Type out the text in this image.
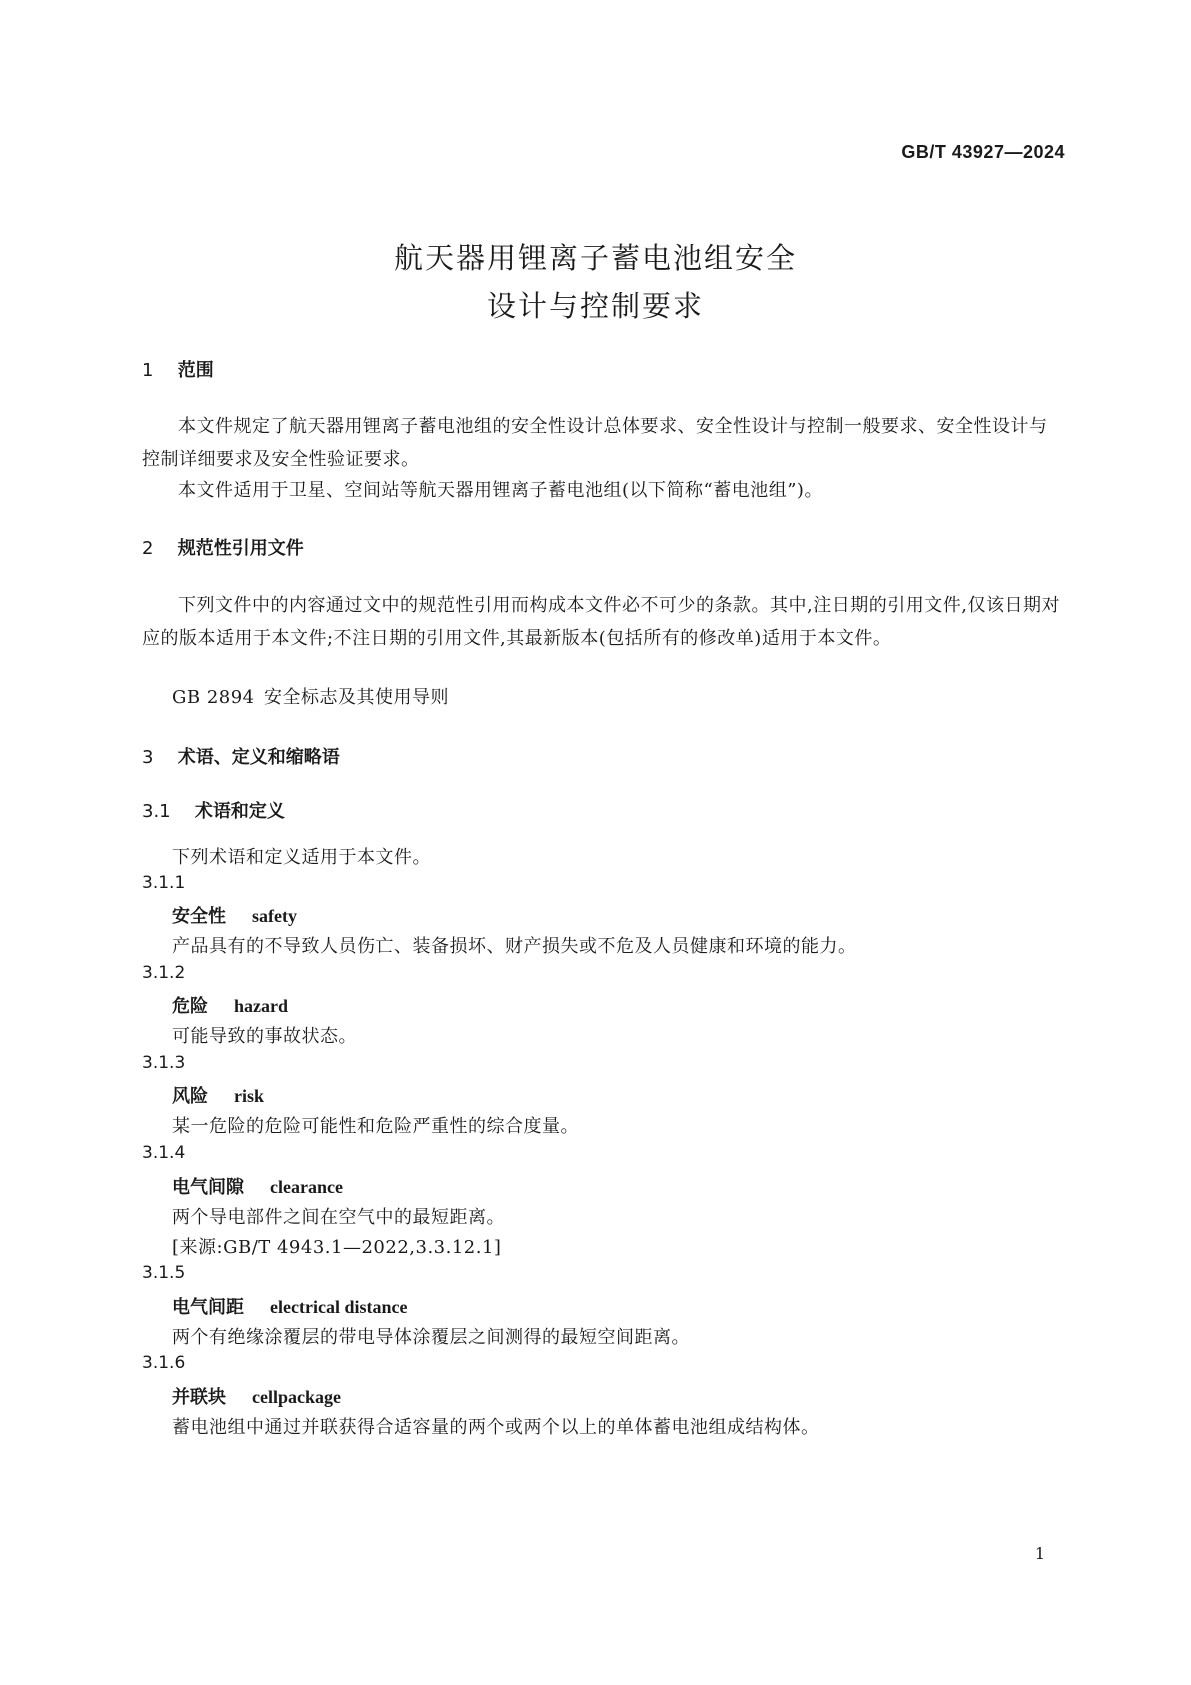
GB/T 43927—2024
航天器用锂离子蓄电池组安全
设计与控制要求
1 范围
本文件规定了航天器用锂离子蓄电池组的安全性设计总体要求、安全性设计与控制一般要求、安全性设计与控制详细要求及安全性验证要求。
本文件适用于卫星、空间站等航天器用锂离子蓄电池组(以下简称“蓄电池组”)。
2 规范性引用文件
下列文件中的内容通过文中的规范性引用而构成本文件必不可少的条款。其中,注日期的引用文件,仅该日期对应的版本适用于本文件;不注日期的引用文件,其最新版本(包括所有的修改单)适用于本文件。
GB 2894 安全标志及其使用导则
3 术语、定义和缩略语
3.1 术语和定义
下列术语和定义适用于本文件。
3.1.1
安全性 safety
产品具有的不导致人员伤亡、装备损坏、财产损失或不危及人员健康和环境的能力。
3.1.2
危险 hazard
可能导致的事故状态。
3.1.3
风险 risk
某一危险的危险可能性和危险严重性的综合度量。
3.1.4
电气间隙 clearance
两个导电部件之间在空气中的最短距离。
[来源:GB/T 4943.1—2022,3.3.12.1]
3.1.5
电气间距 electrical distance
两个有绝缘涂覆层的带电导体涂覆层之间测得的最短空间距离。
3.1.6
并联块 cellpackage
蓄电池组中通过并联获得合适容量的两个或两个以上的单体蓄电池组成结构体。
1
